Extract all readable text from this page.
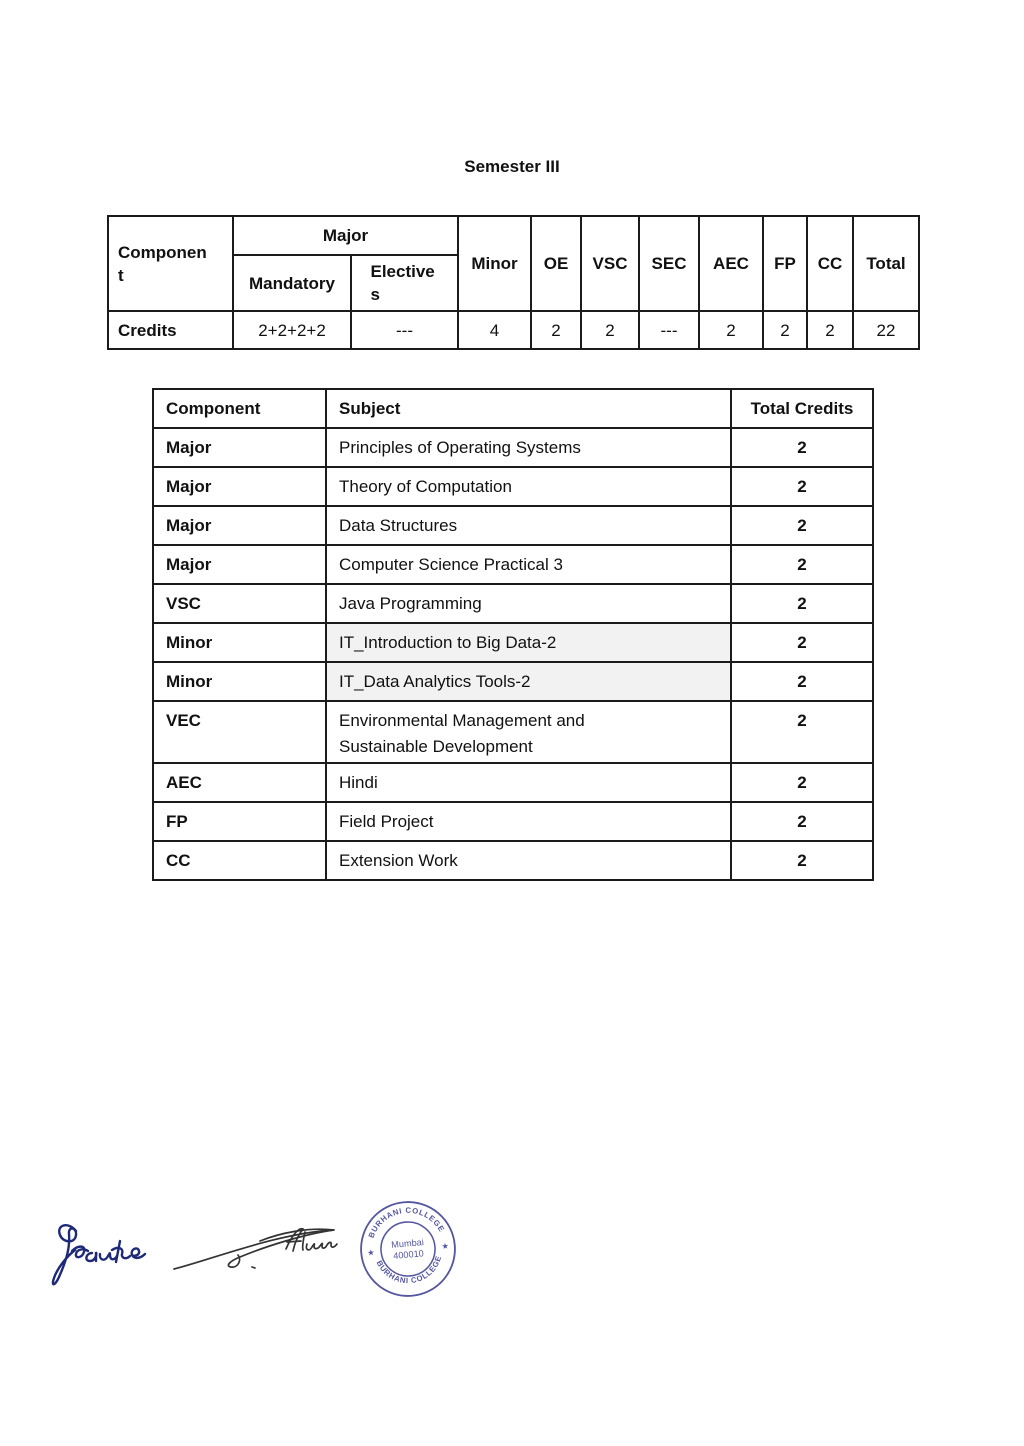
Semester III
Component	Major		Minor	OE	VSC	SEC	AEC	FP	CC	Total
	Mandatory	Electives								
Credits	2+2+2+2	---	4	2	2	---	2	2	2	22
Component	Subject	Total Credits
Major	Principles of Operating Systems	2
Major	Theory of Computation	2
Major	Data Structures	2
Major	Computer Science Practical 3	2
VSC	Java Programming	2
Minor	IT_Introduction to Big Data-2	2
Minor	IT_Data Analytics Tools-2	2
VEC	Environmental Management and Sustainable Development	2
AEC	Hindi	2
FP	Field Project	2
CC	Extension Work	2
BURHANI COLLEGE
BURHANI COLLEGE
★
★
Mumbai
400010
